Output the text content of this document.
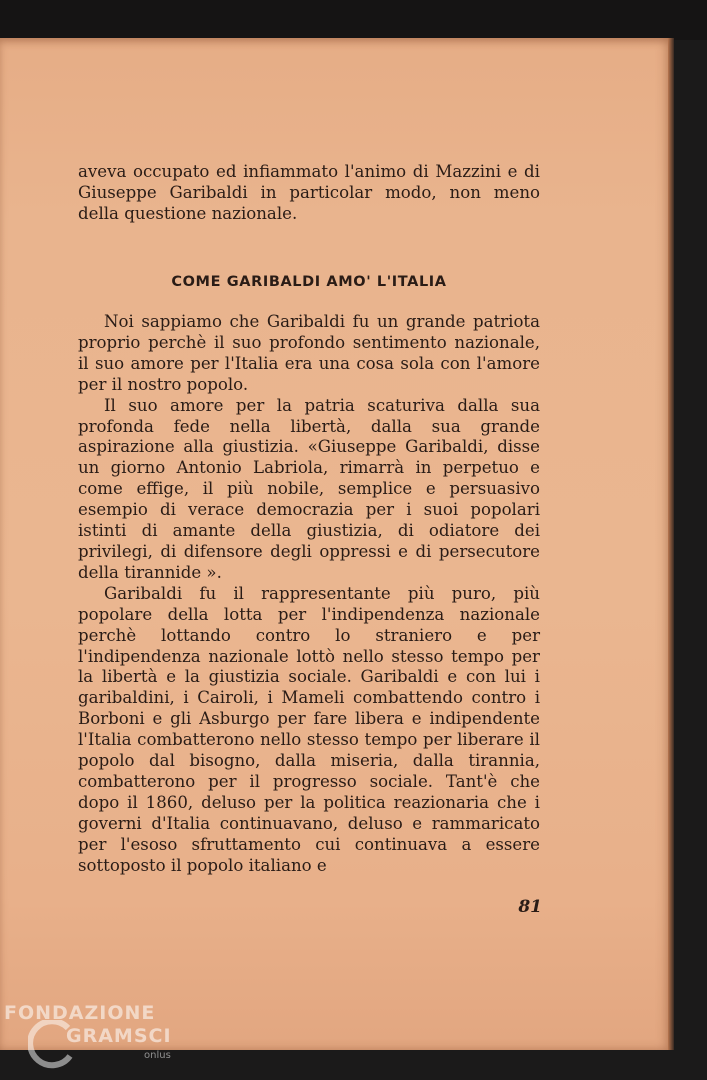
aveva occupato ed infiammato l'animo di Mazzini e di Giuseppe Garibaldi in particolar modo, non meno della questione nazionale.

COME GARIBALDI AMO' L'ITALIA

Noi sappiamo che Garibaldi fu un grande patriota proprio perchè il suo profondo sentimento nazionale, il suo amore per l'Italia era una cosa sola con l'amore per il nostro popolo.

Il suo amore per la patria scaturiva dalla sua profonda fede nella libertà, dalla sua grande aspirazione alla giustizia. «Giuseppe Garibaldi, disse un giorno Antonio Labriola, rimarrà in perpetuo e come effige, il più nobile, semplice e persuasivo esempio di verace democrazia per i suoi popolari istinti di amante della giustizia, di odiatore dei privilegi, di difensore degli oppressi e di persecutore della tirannide ».

Garibaldi fu il rappresentante più puro, più popolare della lotta per l'indipendenza nazionale perchè lottando contro lo straniero e per l'indipendenza nazionale lottò nello stesso tempo per la libertà e la giustizia sociale. Garibaldi e con lui i garibaldini, i Cairoli, i Mameli combattendo contro i Borboni e gli Asburgo per fare libera e indipendente l'Italia combatterono nello stesso tempo per liberare il popolo dal bisogno, dalla miseria, dalla tirannia, combatterono per il progresso sociale. Tant'è che dopo il 1860, deluso per la politica reazionaria che i governi d'Italia continuavano, deluso e rammaricato per l'esoso sfruttamento cui continuava a essere sottoposto il popolo italiano e

81
FONDAZIONE
GRAMSCI
onlus
